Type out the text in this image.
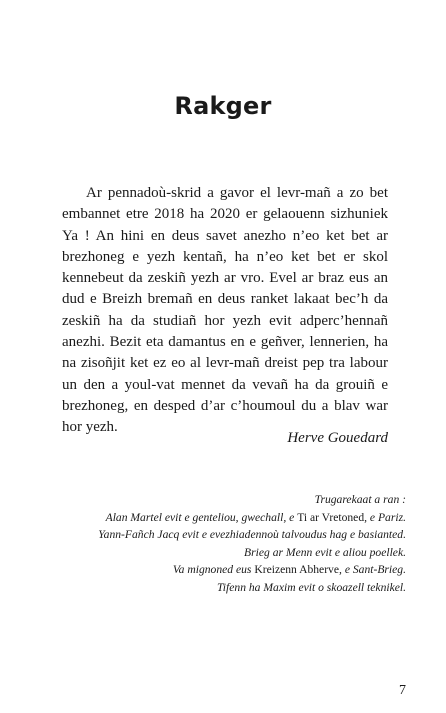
Rakger

Ar pennadoù-skrid a gavor el levr-mañ a zo bet embannet etre 2018 ha 2020 er gelaouenn sizhuniek Ya ! An hini en deus savet anezho n’eo ket bet ar brezhoneg e yezh kentañ, ha n’eo ket bet er skol kennebeut da zeskiñ yezh ar vro. Evel ar braz eus an dud e Breizh bremañ en deus ranket lakaat bec’h da zeskiñ ha da studiañ hor yezh evit adperc’hennañ anezhi. Bezit eta damantus en e geñver, lennerien, ha na zisoñjit ket ez eo al levr-mañ dreist pep tra labour un den a youl-vat mennet da vevañ ha da grouiñ e brezhoneg, en desped d’ar c’houmoul du a blav war hor yezh.

Herve Gouedard
Trugarekaat a ran :
Alan Martel evit e genteliou, gwechall, e Ti ar Vretoned, e Pariz.
Yann-Fañch Jacq evit e evezhiadennoù talvoudus hag e basianted.
Brieg ar Menn evit e aliou poellek.
Va mignoned eus Kreizenn Abherve, e Sant-Brieg.
Tifenn ha Maxim evit o skoazell teknikel.
7
